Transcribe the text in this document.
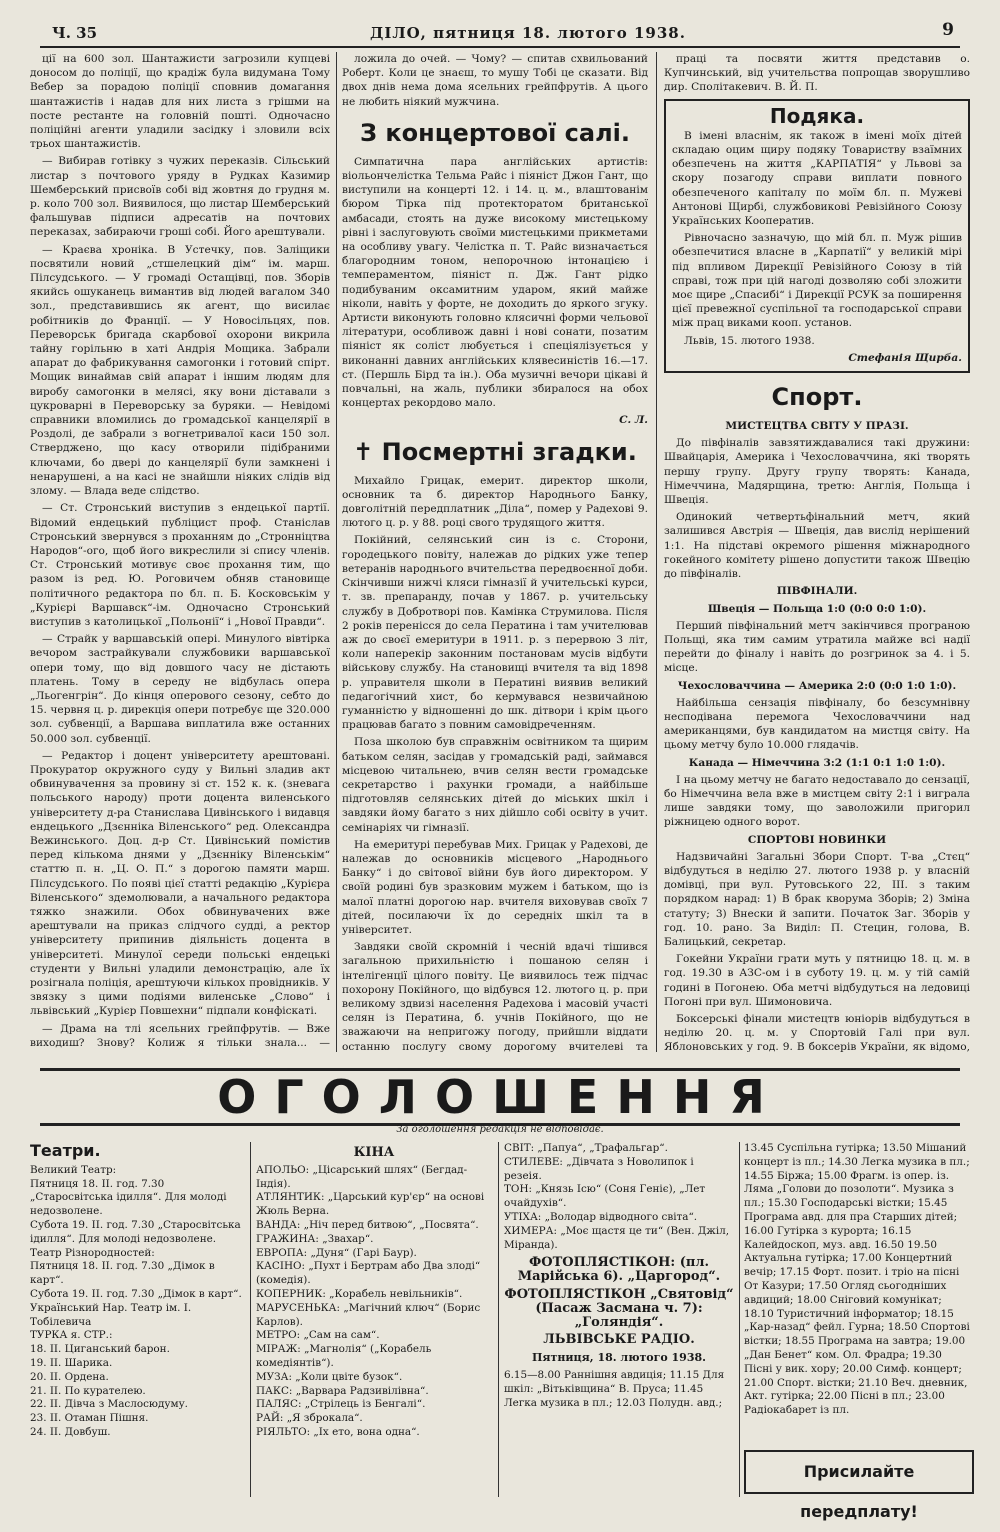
Ч. 35	ДІЛО, пятниця 18. лютого 1938.	9

ції на 600 зол. Шантажисти загрозили купцеві доносом до поліції, що крадіж була видумана Тому Вебер за порадою поліції сповнив домагання шантажистів і надав для них листа з грішми на посте рестанте на головній пошті. Одночасно поліційні агенти уладили засідку і зловили всіх трьох шантажистів.

— Вибирав готівку з чужих переказів. Сільський листар з почтового уряду в Рудках Казимир Шемберський присвоїв собі від жовтня до грудня м. р. коло 700 зол. Виявилося, що листар Шемберський фальшував підписи адресатів на почтових переказах, забираючи гроші собі. Його арештували.

— Краєва хроніка. В Устечку, пов. Заліщики посвятили новий „стшелецкий дім“ ім. марш. Пілсудського. — У громаді Остащівці, пов. Зборів якийсь ошуканець вимантив від людей вагалом 340 зол., представившись як агент, що висилає робітників до Франції. — У Новосільцях, пов. Переворськ бригада скарбової охорони викрила тайну горільню в хаті Андрія Мощика. Забрали апарат до фабрикування самогонки і готовий спірт. Мощик винаймав свій апарат і іншим людям для виробу самогонки в мелясі, яку вони діставали з цукроварні в Переворську за буряки. — Невідомі справники вломились до громадської канцелярії в Роздолі, де забрали з вогнетривалої каси 150 зол. Стверджено, що касу отворили підібраними ключами, бо двері до канцелярії були замкнені і ненарушені, а на касі не знайшли ніяких слідів від злому. — Влада веде слідство.

— Ст. Стронський виступив з ендецької партії. Відомий ендецький публіцист проф. Станіслав Стронський звернувся з проханням до „Стронніцтва Народов“-ого, щоб його викреслили зі спису членів. Ст. Стронський мотивує своє прохання тим, що разом із ред. Ю. Роговичем обняв становище політичного редактора по бл. п. Б. Косковськім у „Курієрі Варшавск“-ім. Одночасно Стронський виступив з католицької „Польонії“ і „Нової Правди“.

— Страйк у варшавській опері. Минулого вівтірка вечором застрайкували службовики варшавської опери тому, що від довшого часу не дістають платень. Тому в середу не відбулась опера „Льогенгрін“. До кінця оперового сезону, себто до 15. червня ц. р. дирекція опери потребує ще 320.000 зол. субвенції, а Варшава виплатила вже останних 50.000 зол. субвенції.

— Редактор і доцент університету арештовані. Прокуратор окружного суду у Вильні зладив акт обвинувачення за провину зі ст. 152 к. к. (зневага польського народу) проти доцента виленського університету д-ра Станислава Цивінського і видавця ендецького „Дзєнніка Віленського“ ред. Олександра Вежинського. Доц. д-р Ст. Цивінський помістив перед кількома днями у „Дзєннiку Віленськім“ статтю п. н. „Ц. О. П.“ з дорогою памяти марш. Пілсудського. По появі цієї статті редакцію „Курієра Віленського“ здемолювали, а начального редактора тяжко знажили. Обох обвинувачених вже арештували на приказ слідчого судді, а ректор університету припинив діяльність доцента в університеті. Минулої середи польські ендецькі студенти у Вильні уладили демонстрацію, але їх розігнала поліція, арештуючи кількох провідників. У звязку з цими подіями виленське „Слово“ і львівський „Курієр Повшехни“ підпали конфіскаті.

— Драма на тлі ясельних грейпфрутів. — Вже виходиш? Знову? Колиж я тільки знала... —

ложила до очей. — Чому? — спитав схвильований Роберт. Коли це знаєш, то мушу Тобі це сказати. Від двох днів нема дома ясельних грейпфрутів. А цього не любить ніякий мужчина.

З концертової салі.

Симпатична пара англійських артистів: віольончелістка Тельма Райс і піяніст Джон Гант, що виступили на концерті 12. і 14. ц. м., влаштованім бюром Тірка під протекторатом британської амбасади, стоять на дуже високому мистецькому рівні і заслуговують своїми мистецькими прикметами на особливу увагу. Челістка п. Т. Райс визначається благородним тоном, непорочною інтонацією і темпераментом, піяніст п. Дж. Гант рідко подибуваним оксамитним ударом, який майже ніколи, навіть у форте, не доходить до яркого згуку. Артисти виконують головно клясичні форми чельової літератури, особливож давні і нові сонати, позатим піяніст як соліст любується і спеціялізується у виконанні давних англійських клявесиністів 16.—17. ст. (Першль Бірд та ін.). Оба музичні вечори цікаві й повчальні, на жаль, публики збиралося на обох концертах рекордово мало.

С. Л.
✝ Посмертні згадки.

Михайло Грицак, емерит. директор школи, основник та б. директор Народнього Банку, довголітній передплатник „Діла“, помер у Радехові 9. лютого ц. р. у 88. році свого трудящого життя.

Покійний, селянський син із с. Сторони, городецького повіту, належав до рідких уже тепер ветеранів народнього вчительства передвоєнної доби. Скінчивши нижчі кляси гімназії й учительські курси, т. зв. препарандy, почав у 1867. р. учительську службу в Добротворі пов. Камінка Струмилова. Після 2 років перенісся до села Ператина і там учителював аж до своєї емеритури в 1911. р. з перервою 3 літ, коли наперекір законним постановам мусів відбути військову службу. На становищі вчителя та від 1898 р. управителя школи в Ператині виявив великий педагогічний хист, бо кермувався незвичайною гуманністю у відношенні до шк. дітвори і крім цього працював багато з повним самовідреченням.

Поза школою був справжнім освітником та щирим батьком селян, засідав у громадській раді, займався місцевою читальнею, вчив селян вести громадське секретарство і рахунки громади, а найбільше підготовляв селянських дітей до міських шкіл і завдяки йому багато з них дійшло собі освіту в учит. семінаріях чи гімназії.

На емеритурі перебував Мих. Грицак у Радехові, де належав до основників місцевого „Народнього Банку“ і до світової війни був його директором. У своїй родині був зразковим мужем і батьком, що із малої платні дорогою нар. вчителя виховував своїх 7 дітей, посилаючи їх до середніх шкіл та в університет.

Завдяки своїй скромній і чесній вдачі тішився загальною прихильністю і пошаною селян і інтелігенції цілого повіту. Це виявилось теж підчас похорону Покійного, що відбувся 12. лютого ц. р. при великому здвизі населення Радехова і масовій участі селян із Ператина, б. учнів Покійного, що не зважаючи на непригожу погоду, прийшли віддати останню послугу свому дорогому вчителеві та

праці та посвяти життя представив о. Купчинський, від учительства попрощав зворушливо дир. Сполітакевич. В. Й. П.

Подяка.

В імені власнім, як також в імені моїх дітей складаю оцим щиру подяку Товариству взаїмних обезпечень на життя „КАРПАТІЯ“ у Львові за скору позагоду справи виплати повного обезпеченого капіталу по моїм бл. п. Мужеві Антонові Щирбі, службовикові Ревізійного Союзу Українських Кооператив.

Рівночасно зазначую, що мій бл. п. Муж рішив обезпечитися власне в „Карпатії“ у великій мірі під впливом Дирекції Ревізійного Союзу в тій справі, тож при цій нагоді дозволяю собі зложити моє щире „Спасибі“ і Дирекції РСУК за поширення цієї превежної суспільної та господарської справи між прац виками кооп. установ.

Львів, 15. лютого 1938.

Стефанія Щирба.
Спорт.

МИСТЕЦТВА СВІТУ У ПРАЗІ.

До півфіналів завзятиждавалися такі дружини: Швайцарія, Америка і Чехословаччина, які творять першу групу. Другу групу творять: Канада, Німеччина, Мадярщина, третю: Англія, Польща і Швеція.

Одинокий четвертьфінальний метч, який залишився Австрія — Швеція, дав вислід нерішений 1:1. На підставі окремого рішення міжнародного гокейного комітету рішено допустити також Швецію до півфіналів.

ПІВФІНАЛИ.

Швеція — Польща 1:0 (0:0 0:0 1:0).

Перший півфінальний метч закінчився програною Польщі, яка тим самим утратила майже всі надії перейти до фіналу і навіть до розгринок за 4. і 5. місце.

Чехословаччина — Америка 2:0 (0:0 1:0 1:0).

Найбільша сензація півфіналу, бо безсумнівну несподівана перемога Чехословаччини над американцями, був кандидатом на мистця світу. На цьому метчу було 10.000 глядачів.

Канада — Німеччина 3:2 (1:1 0:1 1:0 1:0).

І на цьому метчу не багато недоставало до сензації, бо Німеччина вела вже в мистцем світу 2:1 і виграла лише завдяки тому, що заволожили пригорил ріжницею одного ворот.

СПОРТОВІ НОВИНКИ

Надзвичайні Загальні Збори Спорт. Т-ва „Стєц“ відбудуться в неділю 27. лютого 1938 р. у власній домівці, при вул. Рутовського 22, III. з таким порядком нарад: 1) В брак кворума Зборів; 2) Зміна статуту; 3) Внески й запити. Початок Заг. Зборів у год. 10. рано. За Виділ: П. Стецин, голова, В. Балицький, секретар.

Гокейни України грати муть у пятницю 18. ц. м. в год. 19.30 в АЗС-ом і в суботу 19. ц. м. у тій самій годині в Погонею. Оба метчі відбудуться на ледовиці Погоні при вул. Шимоновича.

Боксерські фінали мистецтв юніорів відбудуться в неділю 20. ц. м. у Спортовій Галі при вул. Яблоновських у год. 9. В боксерів України, як відомо,

ОГОЛОШЕННЯ
За оголошення редакція не відповідає.
Театри.
Великий Театр:
Пятниця 18. II. год. 7.30 „Старосвітська ідилля“. Для молоді недозволене.
Субота 19. II. год. 7.30 „Старосвітська ідилля“. Для молоді недозволене.
Театр Різнородностей:
Пятниця 18. II. год. 7.30 „Дімок в карт“.
Субота 19. II. год. 7.30 „Дімок в карт“.
Український Нар. Театр ім. І. Тобілевича
ТУРКА я. СТР.:
18. II. Циганський барон.
19. II. Шарика.
20. II. Ордена.
21. II. По курателею.
22. II. Дівча з Маслосюдуму.
23. II. Отаман Пішня.
24. II. Довбуш.
КІНА
АПОЛЬО: „Цісарський шлях“ (Бегдад-Індія).
АТЛЯНТИК: „Царський кур'єр“ на основі Жюль Верна.
ВАНДА: „Ніч перед битвою“, „Посвята“.
ГРАЖИНА: „Звахар“.
ЕВРОПА: „Дуня“ (Гарі Баур).
КАСІНО: „Пухт і Бертрам або Два злоді“ (комедія).
КОПЕРНИК: „Корабель невільників“.
МАРУСЕНЬКА: „Магічний ключ“ (Борис Карлов).
МЕТРО: „Сам на сам“.
МІРАЖ: „Магнолія“ („Корабель комедіянтів“).
МУЗА: „Коли цвіте бузок“.
ПАКС: „Варвара Радзивілівна“.
ПАЛЯС: „Стрілець із Бенгалі“.
РАЙ: „Я зброкала“.
РІЯЛЬТО: „Іх ето, вона одна“.
СВІТ: „Папуа“, „Трафальгар“.
СТИЛЕВЕ: „Дівчата з Новолипок і резеія.
ТОН: „Князь Ісю“ (Соня Геніє), „Лет очайдухів“.
УТІХА: „Володар відводного світа“.
ХИМЕРА: „Моє щастя це ти“ (Вен. Джіл, Міранда).
ФОТОПЛЯСТІКОН: (пл. Марійська 6). „Царгород“.
ФОТОПЛЯСТІКОН „Святовід“ (Пасаж Засмана ч. 7): „Голяндія“.
ЛЬВІВСЬКЕ РАДІО.
Пятниця, 18. лютого 1938.
6.15—8.00 Раннішня авдиція; 11.15 Для шкіл: „Вітьківщина“ В. Пруса; 11.45 Легка музика в пл.; 12.03 Полудн. авд.;
13.45 Суспільна гутірка; 13.50 Мішаний концерт із пл.; 14.30 Легка музика в пл.; 14.55 Біржа; 15.00 Фрагм. із опер. із. Ляма „Голови до позолоти“. Музика з пл.; 15.30 Господарські вістки; 15.45 Програма авд. для пра Старших дітей; 16.00 Гутірка з курорта; 16.15 Калейдоскоп, муз. авд. 16.50 19.50 Актуальна гутірка; 17.00 Концертний вечір; 17.15 Форт. позит. і тріо на пісні От Казури; 17.50 Огляд сьогодніших авдиций; 18.00 Сніговий комунікат; 18.10 Туристичний інформатор; 18.15 „Кар-назад“ фейл. Гурна; 18.50 Спортові вістки; 18.55 Програма на завтра; 19.00 „Дан Бенет“ ком. Ол. Фрадра; 19.30 Пісні у вик. хору; 20.00 Симф. концерт; 21.00 Спорт. вістки; 21.10 Веч. дневник, Акт. гутірка; 22.00 Пісні в пл.; 23.00 Радіокабарет із пл.
Присилайте передплату!
